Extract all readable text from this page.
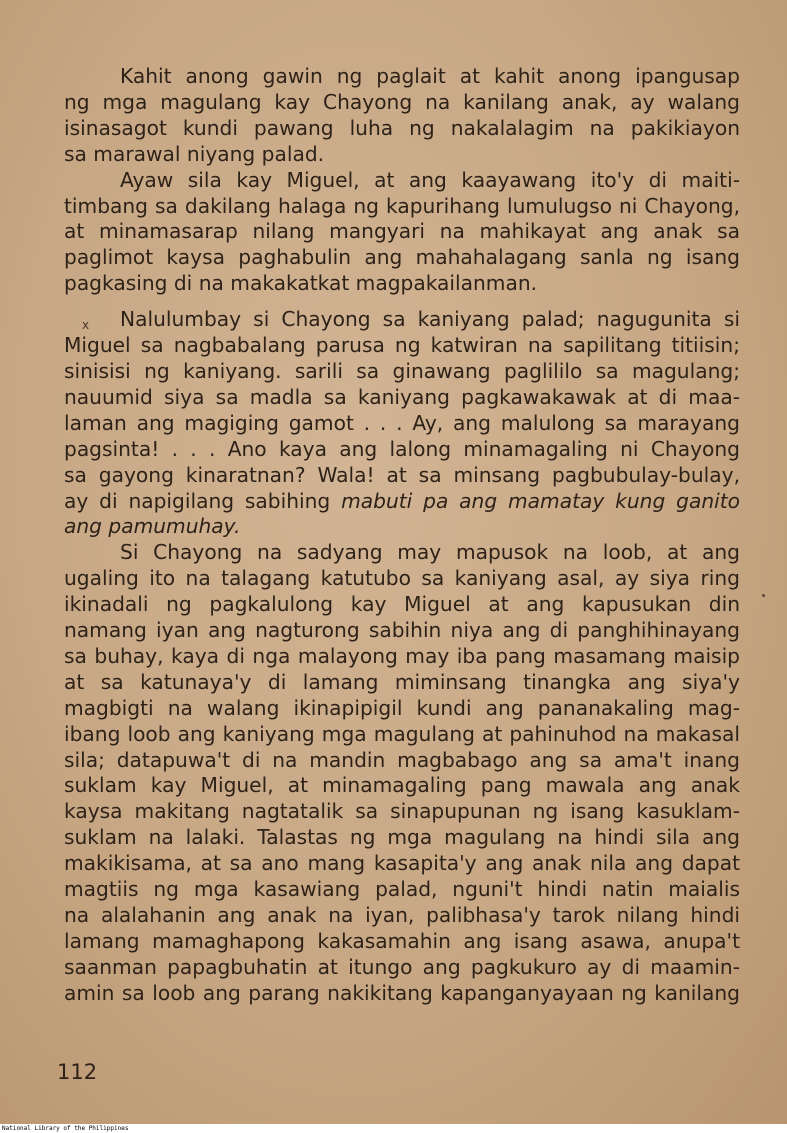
x

Kahit anong gawin ng paglait at kahit anong ipangusap
ng mga magulang kay Chayong na kanilang anak, ay walang
isinasagot kundi pawang luha ng nakalalagim na pakikiayon
sa marawal niyang palad.

Ayaw sila kay Miguel, at ang kaayawang ito'y di maiti-
timbang sa dakilang halaga ng kapurihang lumulugso ni Chayong,
at minamasarap nilang mangyari na mahikayat ang anak sa
paglimot kaysa paghabulin ang mahahalagang sanla ng isang
pagkasing di na makakatkat magpakailanman.

Nalulumbay si Chayong sa kaniyang palad; nagugunita si
Miguel sa nagbabalang parusa ng katwiran na sapilitang titiisin;
sinisisi ng kaniyang. sarili sa ginawang paglililo sa magulang;
nauumid siya sa madla sa kaniyang pagkawakawak at di maa-
laman ang magiging gamot . . . Ay, ang malulong sa marayang
pagsinta! . . . Ano kaya ang lalong minamagaling ni Chayong
sa gayong kinaratnan? Wala! at sa minsang pagbubulay-bulay,
ay di napigilang sabihing mabuti pa ang mamatay kung ganito
ang pamumuhay.

Si Chayong na sadyang may mapusok na loob, at ang
ugaling ito na talagang katutubo sa kaniyang asal, ay siya ring
ikinadali ng pagkalulong kay Miguel at ang kapusukan din
namang iyan ang nagturong sabihin niya ang di panghihinayang
sa buhay, kaya di nga malayong may iba pang masamang maisip
at sa katunaya'y di lamang miminsang tinangka ang siya'y
magbigti na walang ikinapipigil kundi ang pananakaling mag-
ibang loob ang kaniyang mga magulang at pahinuhod na makasal
sila; datapuwa't di na mandin magbabago ang sa ama't inang
suklam kay Miguel, at minamagaling pang mawala ang anak
kaysa makitang nagtatalik sa sinapupunan ng isang kasuklam-
suklam na lalaki. Talastas ng mga magulang na hindi sila ang
makikisama, at sa ano mang kasapita'y ang anak nila ang dapat
magtiis ng mga kasawiang palad, nguni't hindi natin maialis
na alalahanin ang anak na iyan, palibhasa'y tarok nilang hindi
lamang mamaghapong kakasamahin ang isang asawa, anupa't
saanman papagbuhatin at itungo ang pagkukuro ay di maamin-
amin sa loob ang parang nakikitang kapanganyayaan ng kanilang

112
National Library of the Philippines
